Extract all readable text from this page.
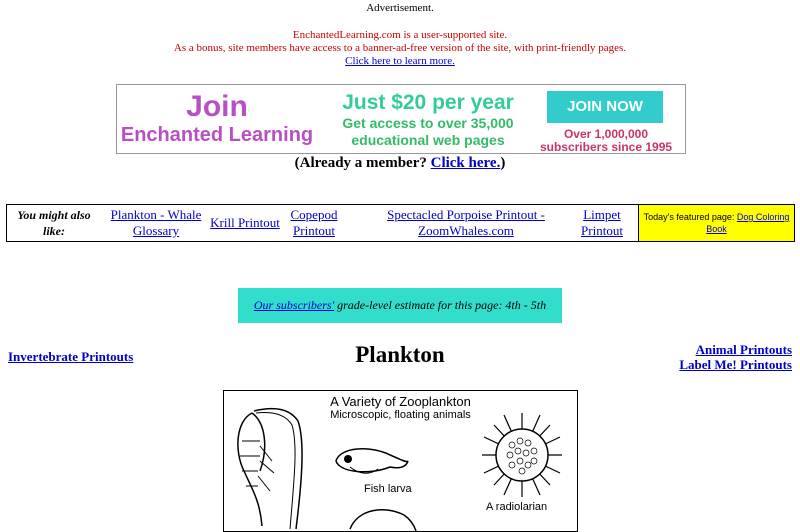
Advertisement.
EnchantedLearning.com is a user-supported site.
As a bonus, site members have access to a banner-ad-free version of the site, with print-friendly pages.
Click here to learn more.
Join
Enchanted Learning
Just $20 per year
Get access to over 35,000 educational web pages
JOIN NOW
Over 1,000,000 subscribers since 1995
(Already a member? Click here.)
You might also like:
Plankton - Whale Glossary
Krill Printout
Copepod Printout
Spectacled Porpoise Printout - ZoomWhales.com
Limpet Printout
Today's featured page: Dog Coloring Book
Our subscribers' grade-level estimate for this page: 4th - 5th
Invertebrate Printouts	Plankton	Animal Printouts
Label Me! Printouts
A Variety of Zooplankton
Microscopic, floating animals
Fish larva
A radiolarian
